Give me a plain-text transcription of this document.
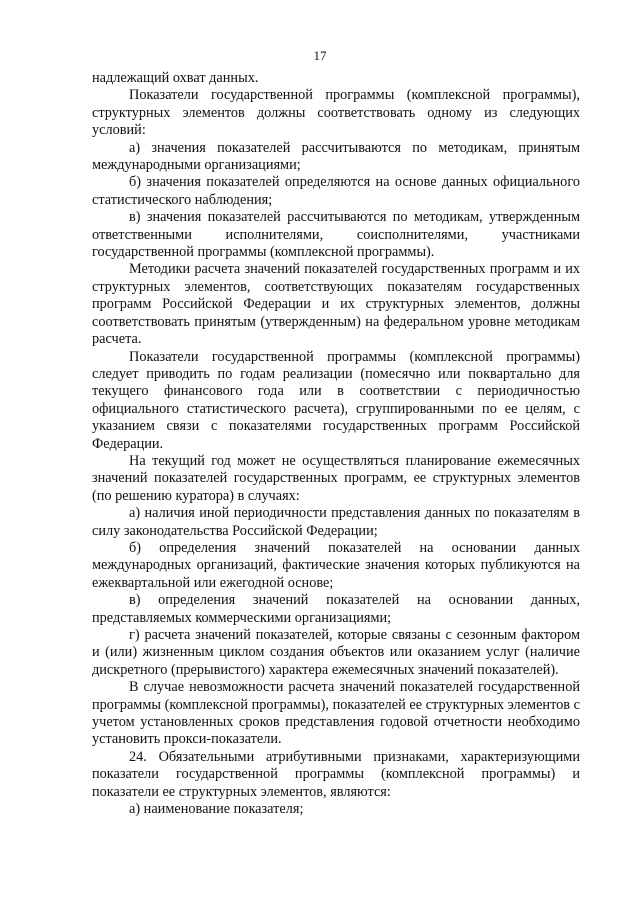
17

надлежащий охват данных.

Показатели государственной программы (комплексной программы), структурных элементов должны соответствовать одному из следующих условий:

а) значения показателей рассчитываются по методикам, принятым международными организациями;

б) значения показателей определяются на основе данных официального статистического наблюдения;

в) значения показателей рассчитываются по методикам, утвержденным ответственными исполнителями, соисполнителями, участниками государственной программы (комплексной программы).

Методики расчета значений показателей государственных программ и их структурных элементов, соответствующих показателям государственных программ Российской Федерации и их структурных элементов, должны соответствовать принятым (утвержденным) на федеральном уровне методикам расчета.

Показатели государственной программы (комплексной программы) следует приводить по годам реализации (помесячно или поквартально для текущего финансового года или в соответствии с периодичностью официального статистического расчета), сгруппированными по ее целям, с указанием связи с показателями государственных программ Российской Федерации.

На текущий год может не осуществляться планирование ежемесячных значений показателей государственных программ, ее структурных элементов (по решению куратора) в случаях:

а) наличия иной периодичности представления данных по показателям в силу законодательства Российской Федерации;

б) определения значений показателей на основании данных международных организаций, фактические значения которых публикуются на ежеквартальной или ежегодной основе;

в) определения значений показателей на основании данных, представляемых коммерческими организациями;

г) расчета значений показателей, которые связаны с сезонным фактором и (или) жизненным циклом создания объектов или оказанием услуг (наличие дискретного (прерывистого) характера ежемесячных значений показателей).

В случае невозможности расчета значений показателей государственной программы (комплексной программы), показателей ее структурных элементов с учетом установленных сроков представления годовой отчетности необходимо установить прокси-показатели.

24. Обязательными атрибутивными признаками, характеризующими показатели государственной программы (комплексной программы) и показатели ее структурных элементов, являются:

а) наименование показателя;
